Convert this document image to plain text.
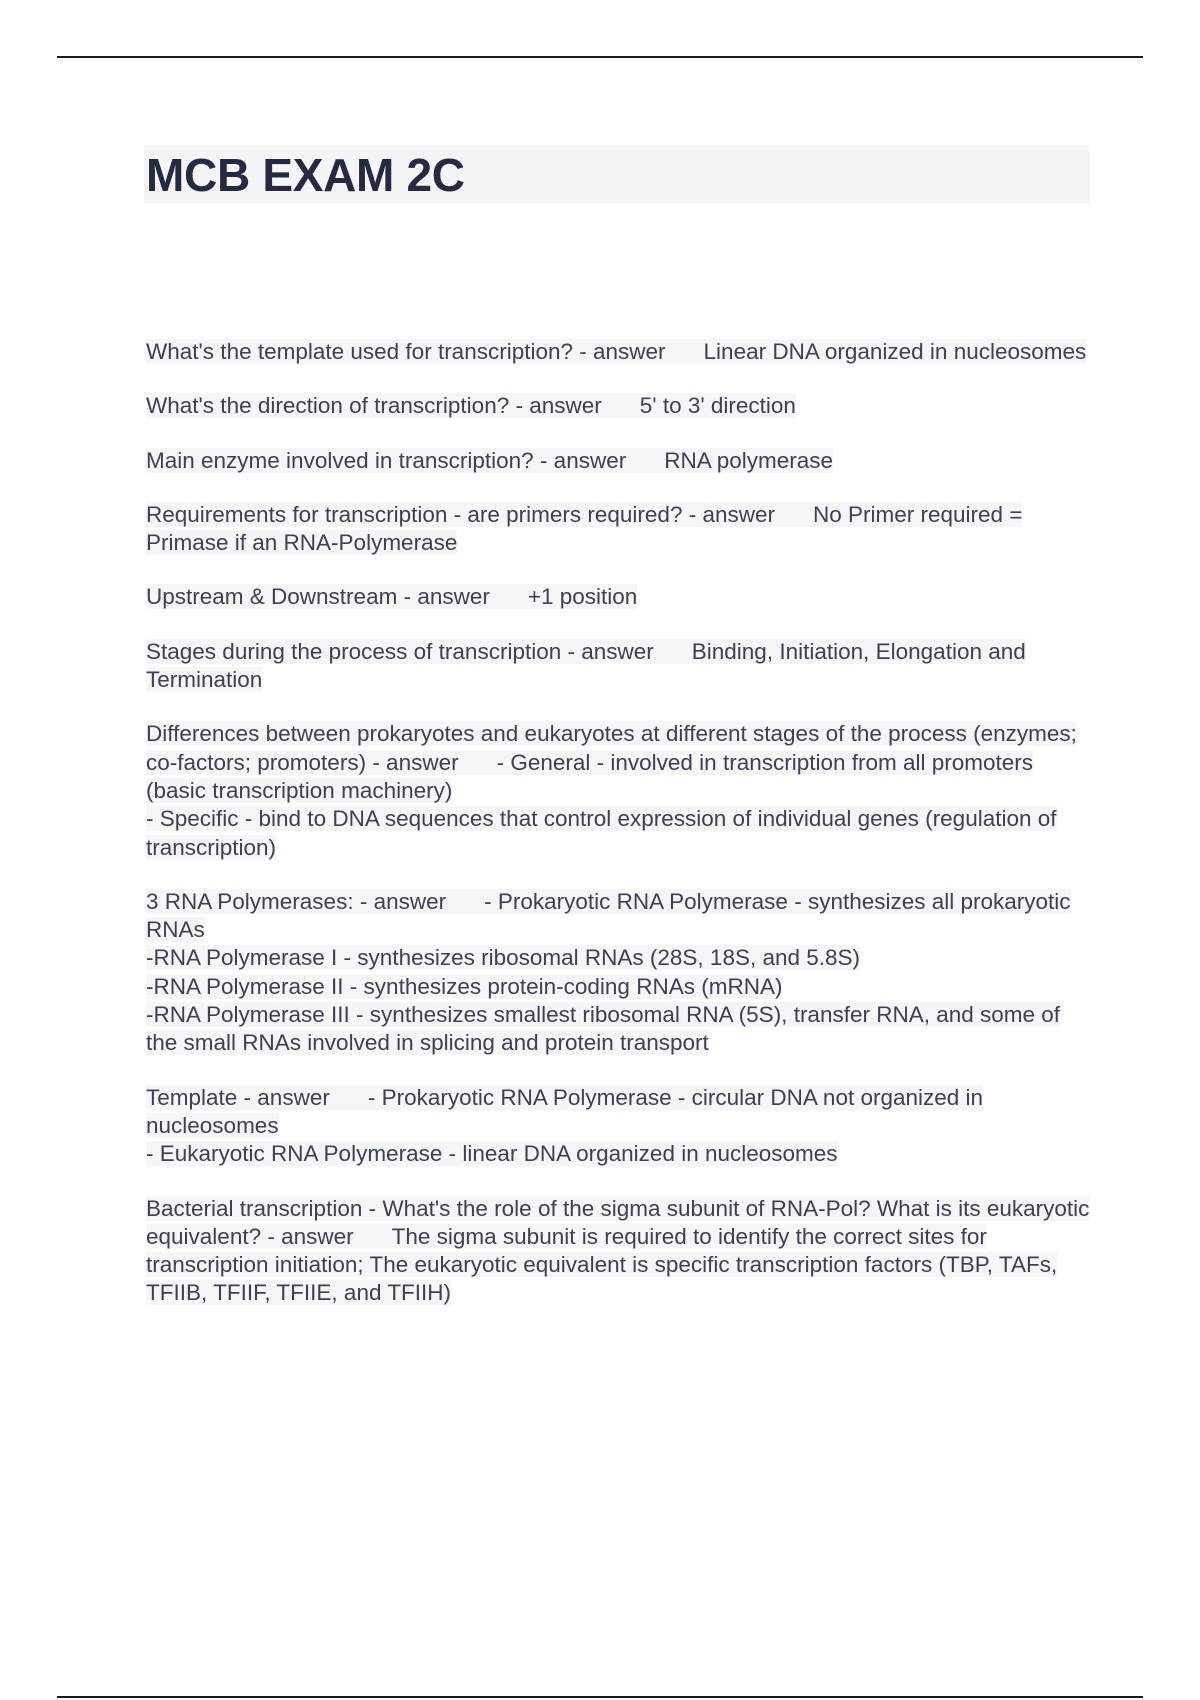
MCB EXAM 2C

What's the template used for transcription? - answer Linear DNA organized in nucleosomes

What's the direction of transcription? - answer 5' to 3' direction

Main enzyme involved in transcription? - answer RNA polymerase

Requirements for transcription - are primers required? - answer No Primer required = Primase if an RNA-Polymerase

Upstream & Downstream - answer +1 position

Stages during the process of transcription - answer Binding, Initiation, Elongation and Termination

Differences between prokaryotes and eukaryotes at different stages of the process (enzymes; co-factors; promoters) - answer - General - involved in transcription from all promoters (basic transcription machinery)
- Specific - bind to DNA sequences that control expression of individual genes (regulation of transcription)

3 RNA Polymerases: - answer - Prokaryotic RNA Polymerase - synthesizes all prokaryotic RNAs
-RNA Polymerase I - synthesizes ribosomal RNAs (28S, 18S, and 5.8S)
-RNA Polymerase II - synthesizes protein-coding RNAs (mRNA)
-RNA Polymerase III - synthesizes smallest ribosomal RNA (5S), transfer RNA, and some of the small RNAs involved in splicing and protein transport

Template - answer - Prokaryotic RNA Polymerase - circular DNA not organized in nucleosomes
- Eukaryotic RNA Polymerase - linear DNA organized in nucleosomes

Bacterial transcription - What's the role of the sigma subunit of RNA-Pol? What is its eukaryotic equivalent? - answer The sigma subunit is required to identify the correct sites for transcription initiation; The eukaryotic equivalent is specific transcription factors (TBP, TAFs, TFIIB, TFIIF, TFIIE, and TFIIH)
